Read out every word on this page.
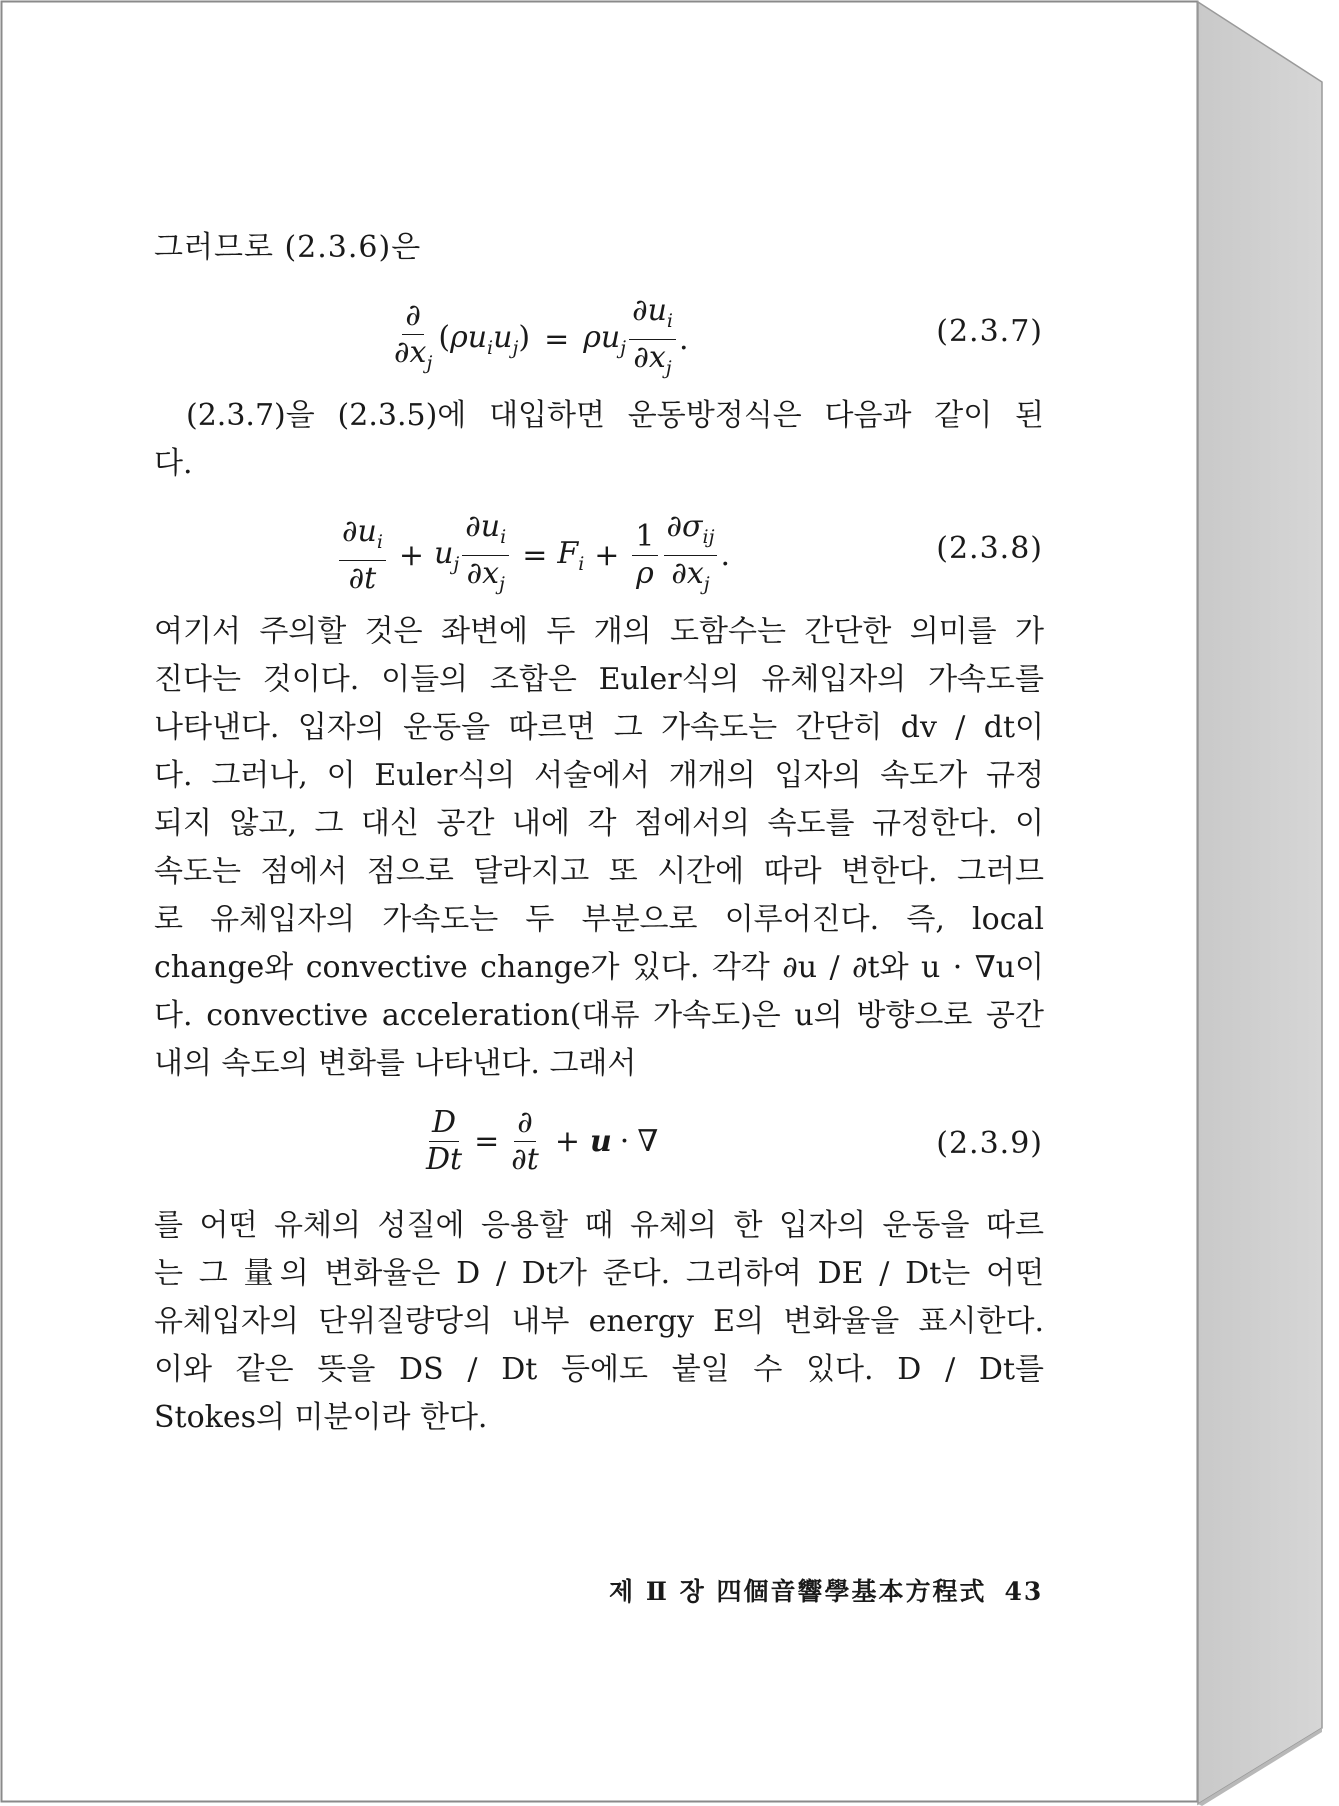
그러므로 (2.3.6)은
$\frac{\partial}{\partial x_j} (\rho u_iu_j) = \rho u_j \frac{\partial u_i}{\partial x_j}$ .	(2.3.7)
(2.3.7)을 (2.3.5)에 대입하면 운동방정식은 다음과 같이 된
다.
$\frac{\partial u_i}{\partial t} + u_j \frac{\partial u_i}{\partial x_j} = F_i + \frac{1}{\rho} \frac{\partial\sigma_{ij}}{\partial x_j}$ .	(2.3.8)
여기서 주의할 것은 좌변에 두 개의 도함수는 간단한 의미를 가
진다는 것이다. 이들의 조합은 Euler식의 유체입자의 가속도를
나타낸다. 입자의 운동을 따르면 그 가속도는 간단히 dv / dt이
다. 그러나, 이 Euler식의 서술에서 개개의 입자의 속도가 규정
되지 않고, 그 대신 공간 내에 각 점에서의 속도를 규정한다. 이
속도는 점에서 점으로 달라지고 또 시간에 따라 변한다. 그러므
로 유체입자의 가속도는 두 부분으로 이루어진다. 즉, local
change와 convective change가 있다. 각각 ∂u / ∂t와 u · ∇u이
다. convective acceleration(대류 가속도)은 u의 방향으로 공간
내의 속도의 변화를 나타낸다. 그래서
$\frac{D}{Dt} = \frac{\partial}{\partial t} + u$ · ∇	(2.3.9)
를 어떤 유체의 성질에 응용할 때 유체의 한 입자의 운동을 따르
는 그 量의 변화율은 D / Dt가 준다. 그리하여 DE / Dt는 어떤
유체입자의 단위질량당의 내부 energy E의 변화율을 표시한다.
이와 같은 뜻을 DS / Dt 등에도 붙일 수 있다. D / Dt를
Stokes의 미분이라 한다.
제 Ⅱ 장 四個音響學基本方程式 43
